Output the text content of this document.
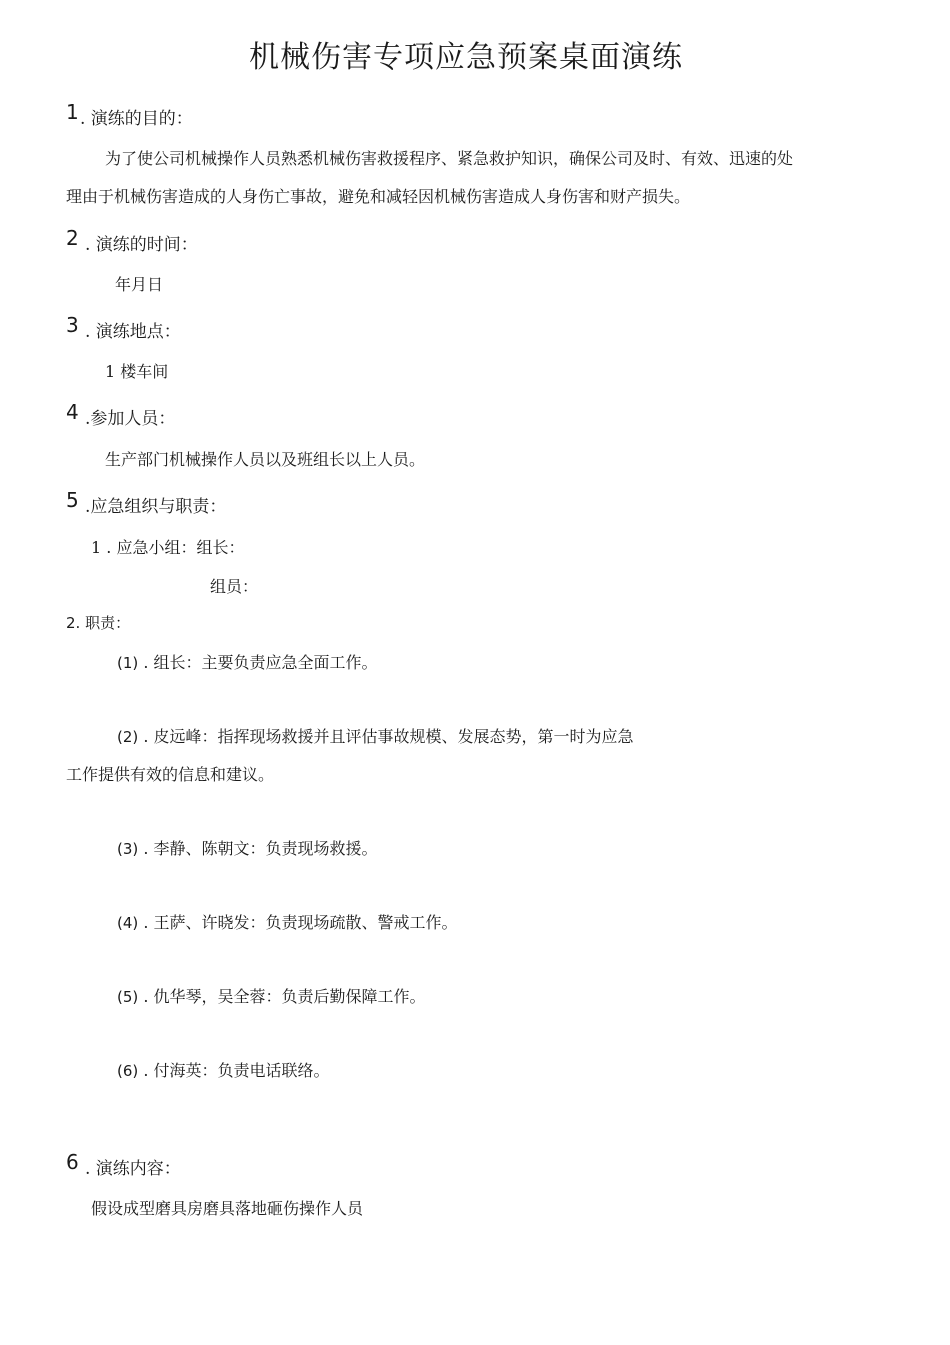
机械伤害专项应急预案桌面演练
1 . 演练的目的：
为了使公司机械操作人员熟悉机械伤害救援程序、紧急救护知识，确保公司及时、有效、迅速的处
理由于机械伤害造成的人身伤亡事故，避免和减轻因机械伤害造成人身伤害和财产损失。
2 . 演练的时间：
年月日
3 . 演练地点：
1 楼车间
4 .参加人员：
生产部门机械操作人员以及班组长以上人员。
5 .应急组织与职责：
1 . 应急小组：组长：
组员：
2. 职责：
(1) . 组长：主要负责应急全面工作。
(2) . 皮远峰：指挥现场救援并且评估事故规模、发展态势，第一时为应急
工作提供有效的信息和建议。
(3) . 李静、陈朝文：负责现场救援。
(4) . 王萨、许晓发：负责现场疏散、警戒工作。
(5) . 仇华琴，吴全蓉：负责后勤保障工作。
(6) . 付海英：负责电话联络。
6 . 演练内容：
假设成型磨具房磨具落地砸伤操作人员
